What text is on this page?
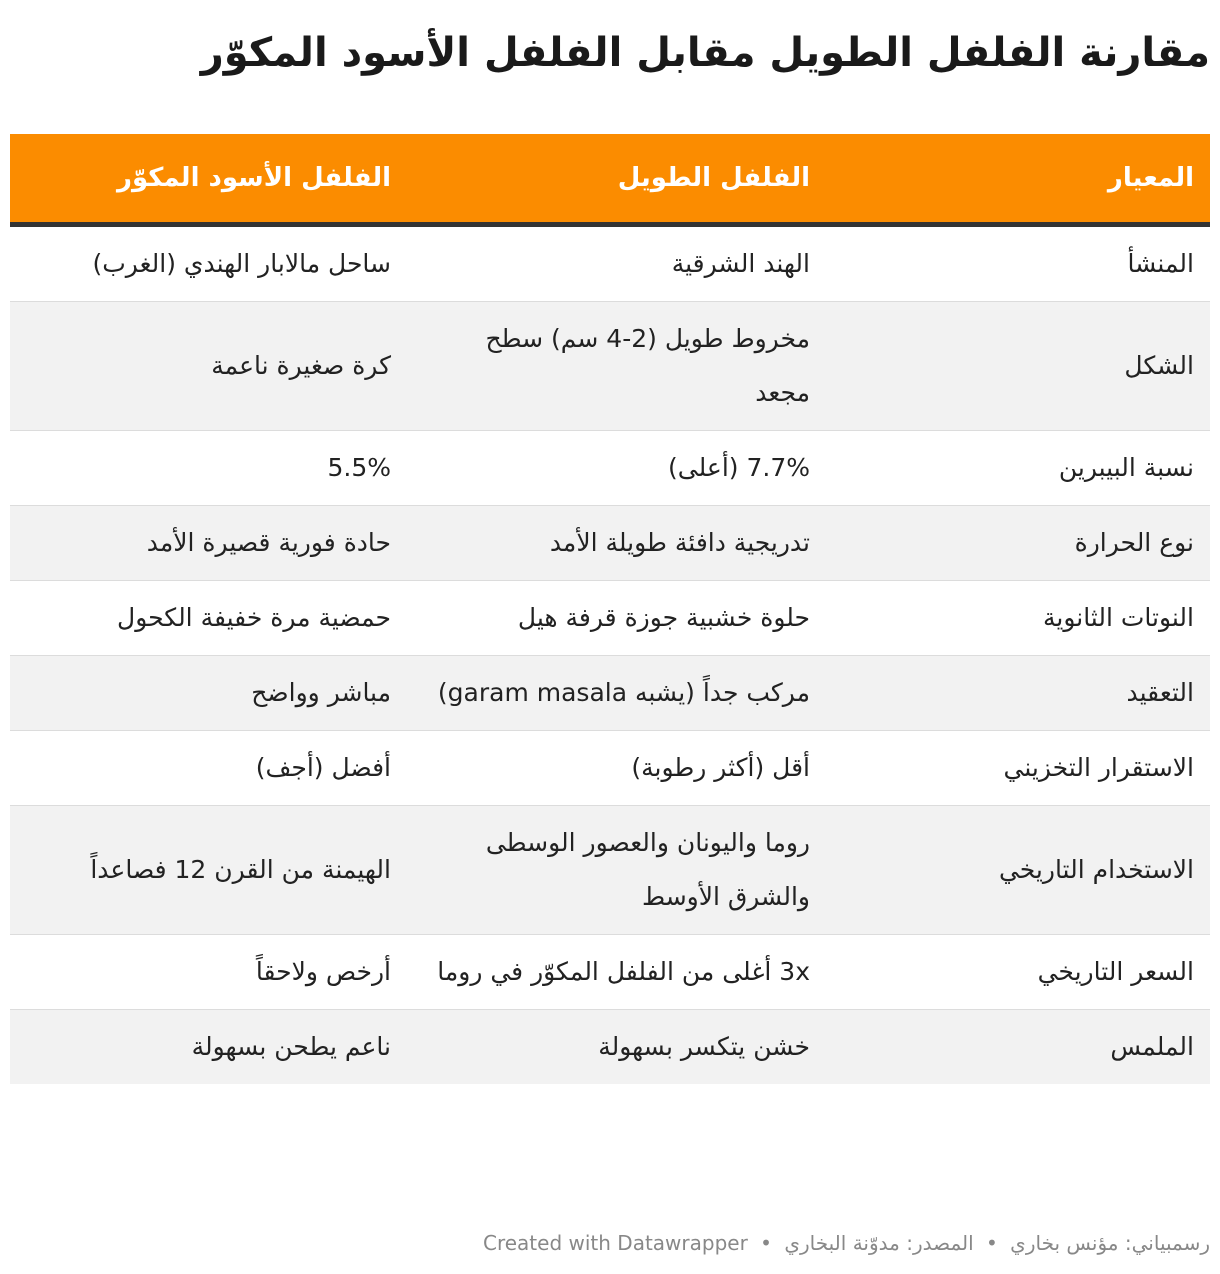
مقارنة الفلفل الطويل مقابل الفلفل الأسود المكوّر
المعيار	الفلفل الطويل	الفلفل الأسود المكوّر
المنشأ	الهند الشرقية	ساحل مالابار الهندي (الغرب)
الشكل	مخروط طويل (2-4 سم) سطح مجعد	كرة صغيرة ناعمة
نسبة البيبرين	7.7% (أعلى)	5.5%
نوع الحرارة	تدريجية دافئة طويلة الأمد	حادة فورية قصيرة الأمد
النوتات الثانوية	حلوة خشبية جوزة قرفة هيل	حمضية مرة خفيفة الكحول
التعقيد	مركب جداً (يشبه garam masala)	مباشر وواضح
الاستقرار التخزيني	أقل (أكثر رطوبة)	أفضل (أجف)
الاستخدام التاريخي	روما واليونان والعصور الوسطى والشرق الأوسط	الهيمنة من القرن 12 فصاعداً
السعر التاريخي	3x أغلى من الفلفل المكوّر في روما	أرخص ولاحقاً
الملمس	خشن يتكسر بسهولة	ناعم يطحن بسهولة
رسمبياني: مؤنس بخاري • المصدر: مدوّنة البخاري • Created with Datawrapper
